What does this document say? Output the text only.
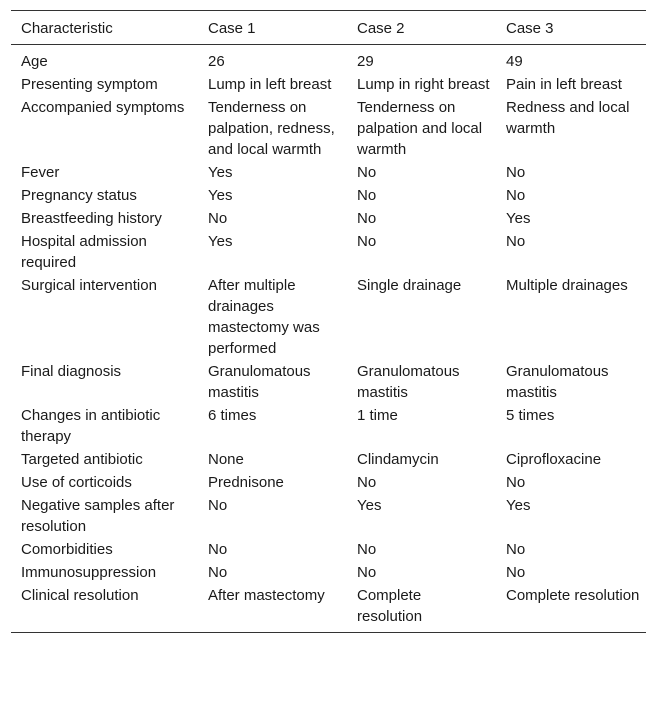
Characteristic	Case 1	Case 2	Case 3
Age	26	29	49
Presenting symptom	Lump in left breast	Lump in right breast	Pain in left breast
Accompanied symptoms	Tenderness on palpation, redness, and local warmth	Tenderness on palpation and local warmth	Redness and local warmth
Fever	Yes	No	No
Pregnancy status	Yes	No	No
Breastfeeding history	No	No	Yes
Hospital admission required	Yes	No	No
Surgical intervention	After multiple drainages mastectomy was performed	Single drainage	Multiple drainages
Final diagnosis	Granulomatous mastitis	Granulomatous mastitis	Granulomatous mastitis
Changes in antibiotic therapy	6 times	1 time	5 times
Targeted antibiotic	None	Clindamycin	Ciprofloxacine
Use of corticoids	Prednisone	No	No
Negative samples after resolution	No	Yes	Yes
Comorbidities	No	No	No
Immunosuppression	No	No	No
Clinical resolution	After mastectomy	Complete resolution	Complete resolution
